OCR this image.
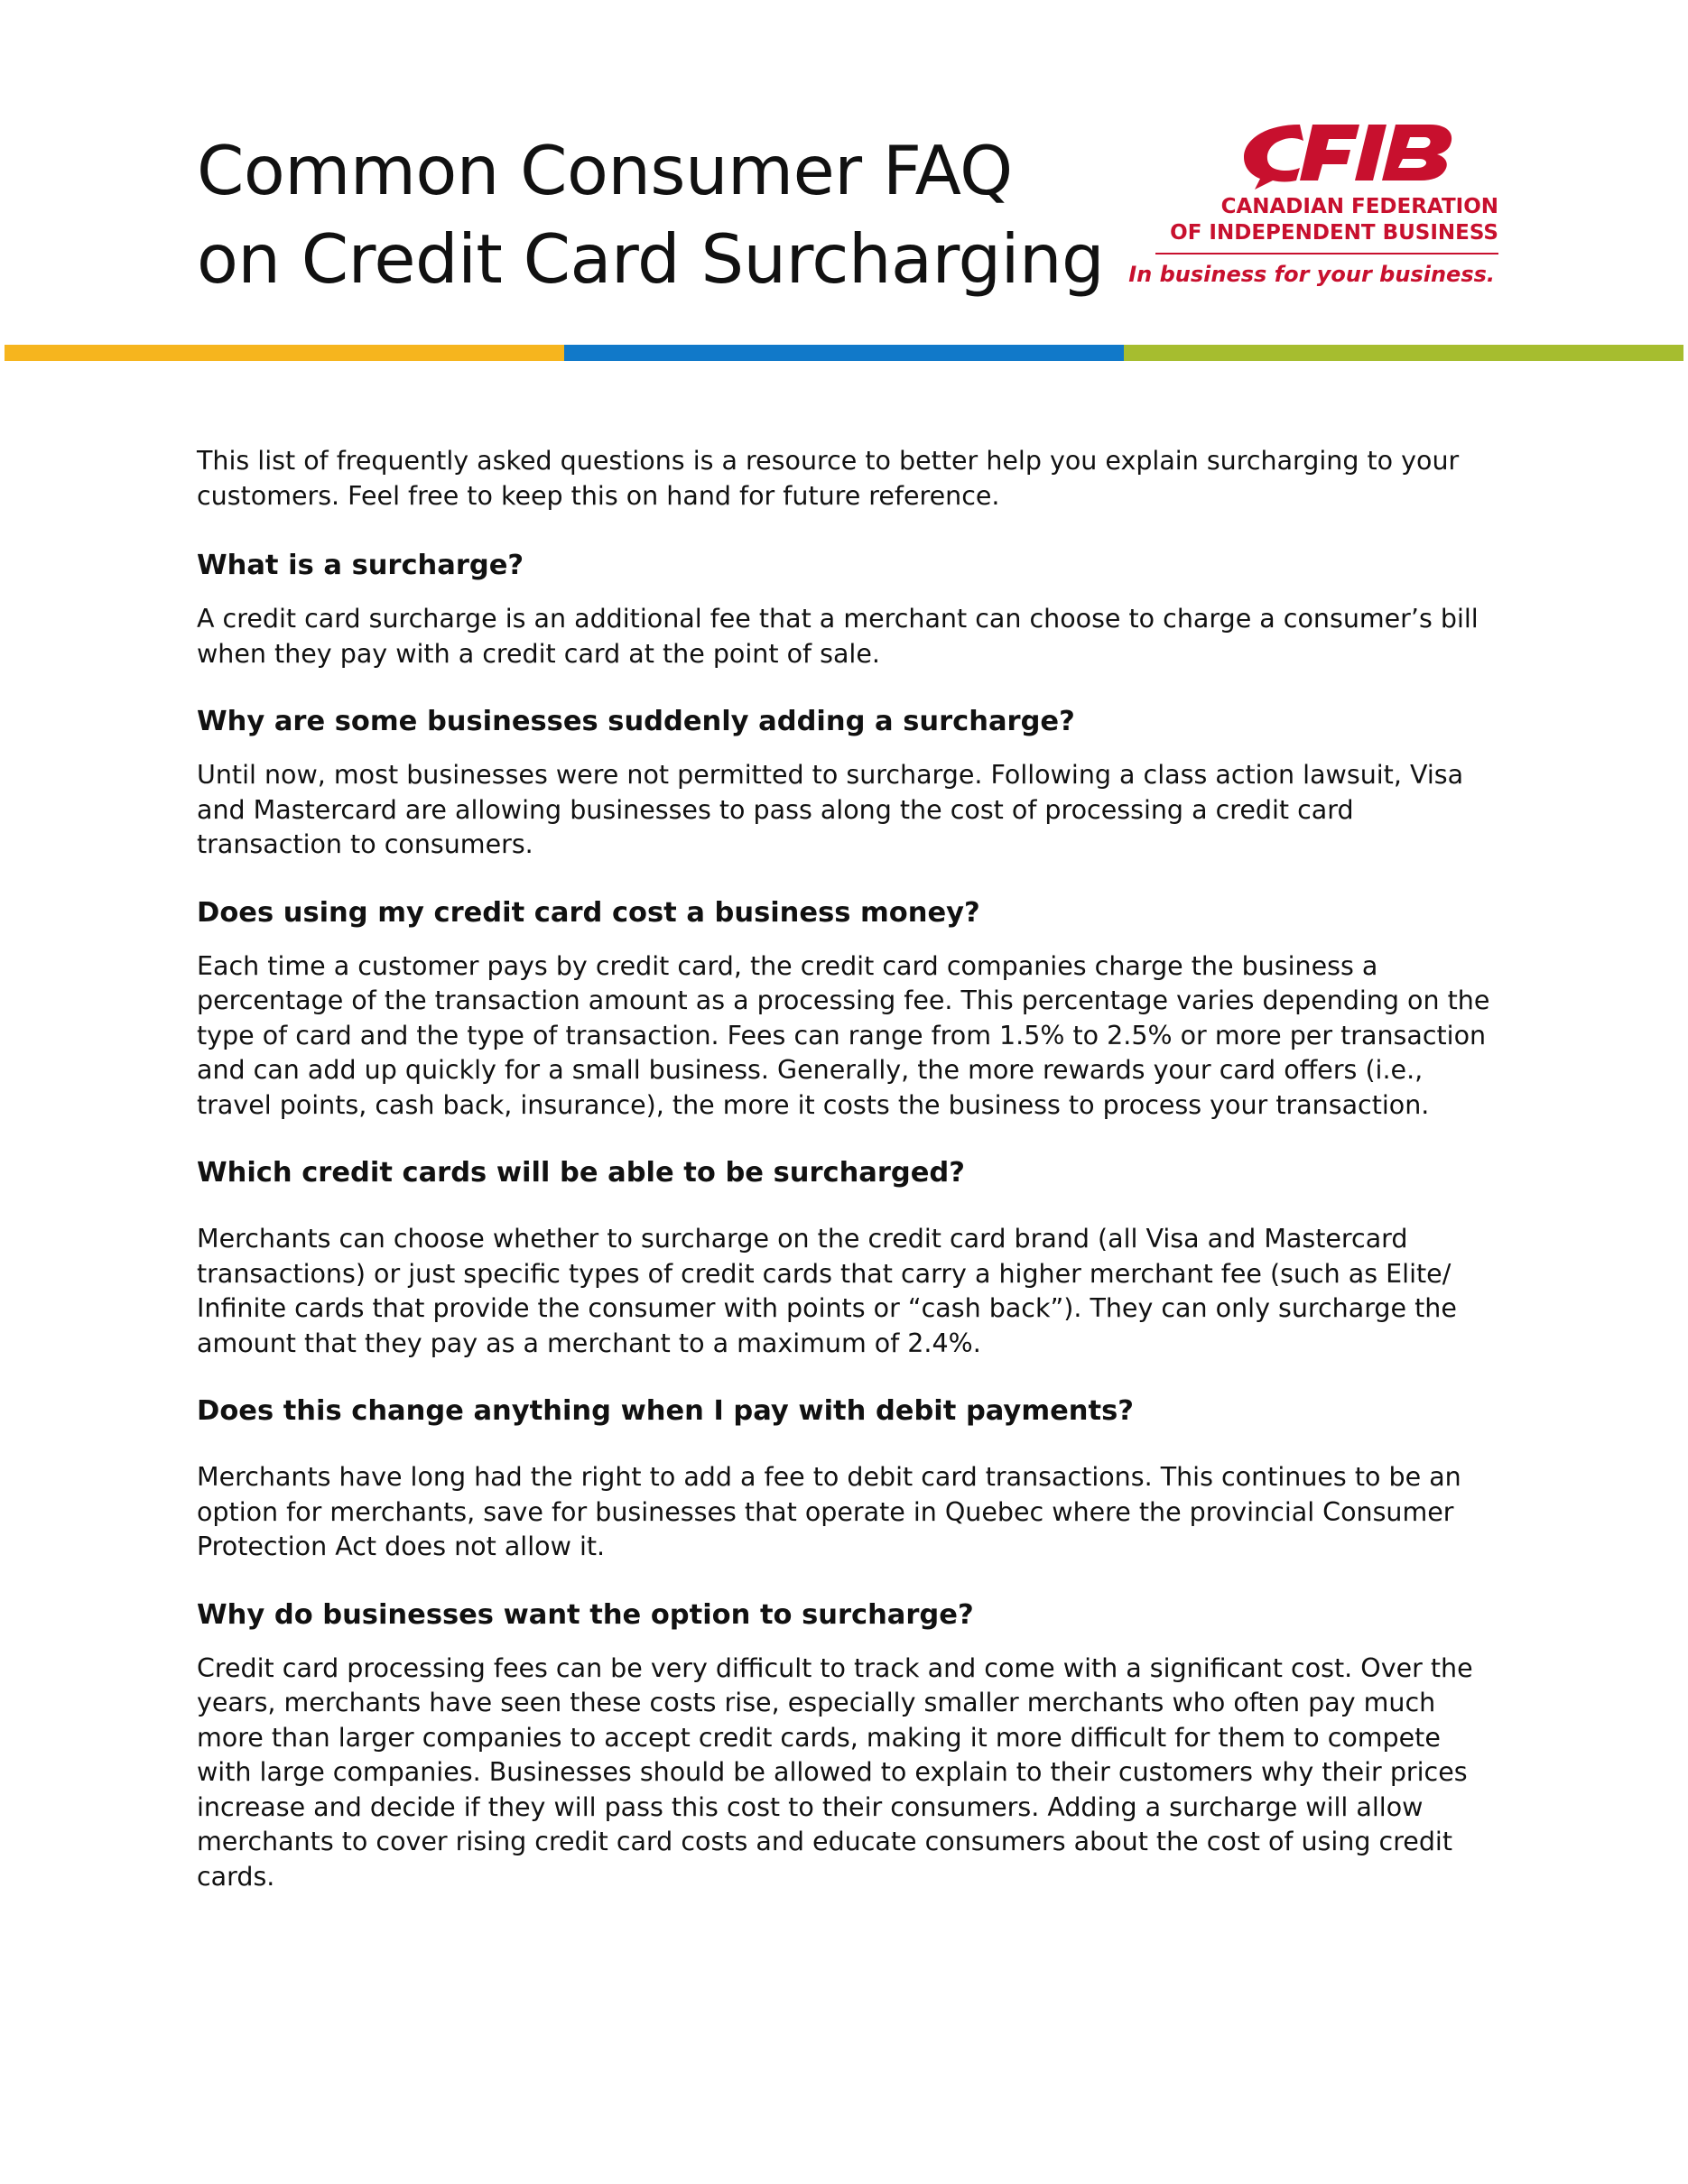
Common Consumer FAQ
on Credit Card Surcharging
CANADIAN FEDERATION
OF INDEPENDENT BUSINESS
In business for your business.

This list of frequently asked questions is a resource to better help you explain surcharging to your customers. Feel free to keep this on hand for future reference.

What is a surcharge?

A credit card surcharge is an additional fee that a merchant can choose to charge a consumer’s bill when they pay with a credit card at the point of sale.

Why are some businesses suddenly adding a surcharge?

Until now, most businesses were not permitted to surcharge. Following a class action lawsuit, Visa and Mastercard are allowing businesses to pass along the cost of processing a credit card transaction to consumers.

Does using my credit card cost a business money?

Each time a customer pays by credit card, the credit card companies charge the business a percentage of the transaction amount as a processing fee. This percentage varies depending on the type of card and the type of transaction. Fees can range from 1.5% to 2.5% or more per transaction and can add up quickly for a small business. Generally, the more rewards your card offers (i.e., travel points, cash back, insurance), the more it costs the business to process your transaction.

Which credit cards will be able to be surcharged?

Merchants can choose whether to surcharge on the credit card brand (all Visa and Mastercard transactions) or just specific types of credit cards that carry a higher merchant fee (such as Elite/ Infinite cards that provide the consumer with points or “cash back”). They can only surcharge the amount that they pay as a merchant to a maximum of 2.4%.

Does this change anything when I pay with debit payments?

Merchants have long had the right to add a fee to debit card transactions. This continues to be an option for merchants, save for businesses that operate in Quebec where the provincial Consumer Protection Act does not allow it.

Why do businesses want the option to surcharge?

Credit card processing fees can be very difficult to track and come with a significant cost. Over the years, merchants have seen these costs rise, especially smaller merchants who often pay much more than larger companies to accept credit cards, making it more difficult for them to compete with large companies. Businesses should be allowed to explain to their customers why their prices increase and decide if they will pass this cost to their consumers. Adding a surcharge will allow merchants to cover rising credit card costs and educate consumers about the cost of using credit cards.
